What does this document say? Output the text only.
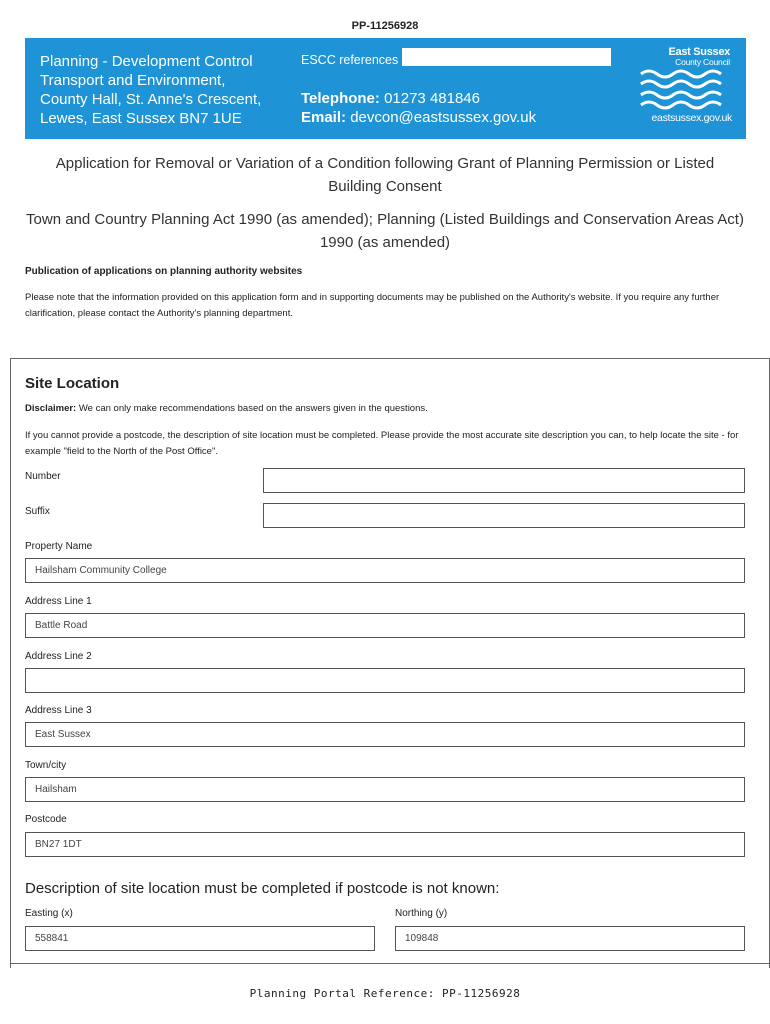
PP-11256928
Planning - Development Control
Transport and Environment,
County Hall, St. Anne's Crescent,
Lewes, East Sussex BN7 1UE
ESCC references
Telephone: 01273 481846
Email: devcon@eastsussex.gov.uk
East Sussex
County Council
eastsussex.gov.uk
Application for Removal or Variation of a Condition following Grant of Planning Permission or Listed Building Consent
Town and Country Planning Act 1990 (as amended); Planning (Listed Buildings and Conservation Areas Act) 1990 (as amended)
Publication of applications on planning authority websites
Please note that the information provided on this application form and in supporting documents may be published on the Authority's website. If you require any further clarification, please contact the Authority's planning department.
Site Location
Disclaimer: We can only make recommendations based on the answers given in the questions.
If you cannot provide a postcode, the description of site location must be completed. Please provide the most accurate site description you can, to help locate the site - for example "field to the North of the Post Office".
Number
Suffix
Property Name
Hailsham Community College
Address Line 1
Battle Road
Address Line 2
Address Line 3
East Sussex
Town/city
Hailsham
Postcode
BN27 1DT
Description of site location must be completed if postcode is not known:
Easting (x)
558841
Northing (y)
109848
Planning Portal Reference: PP-11256928
